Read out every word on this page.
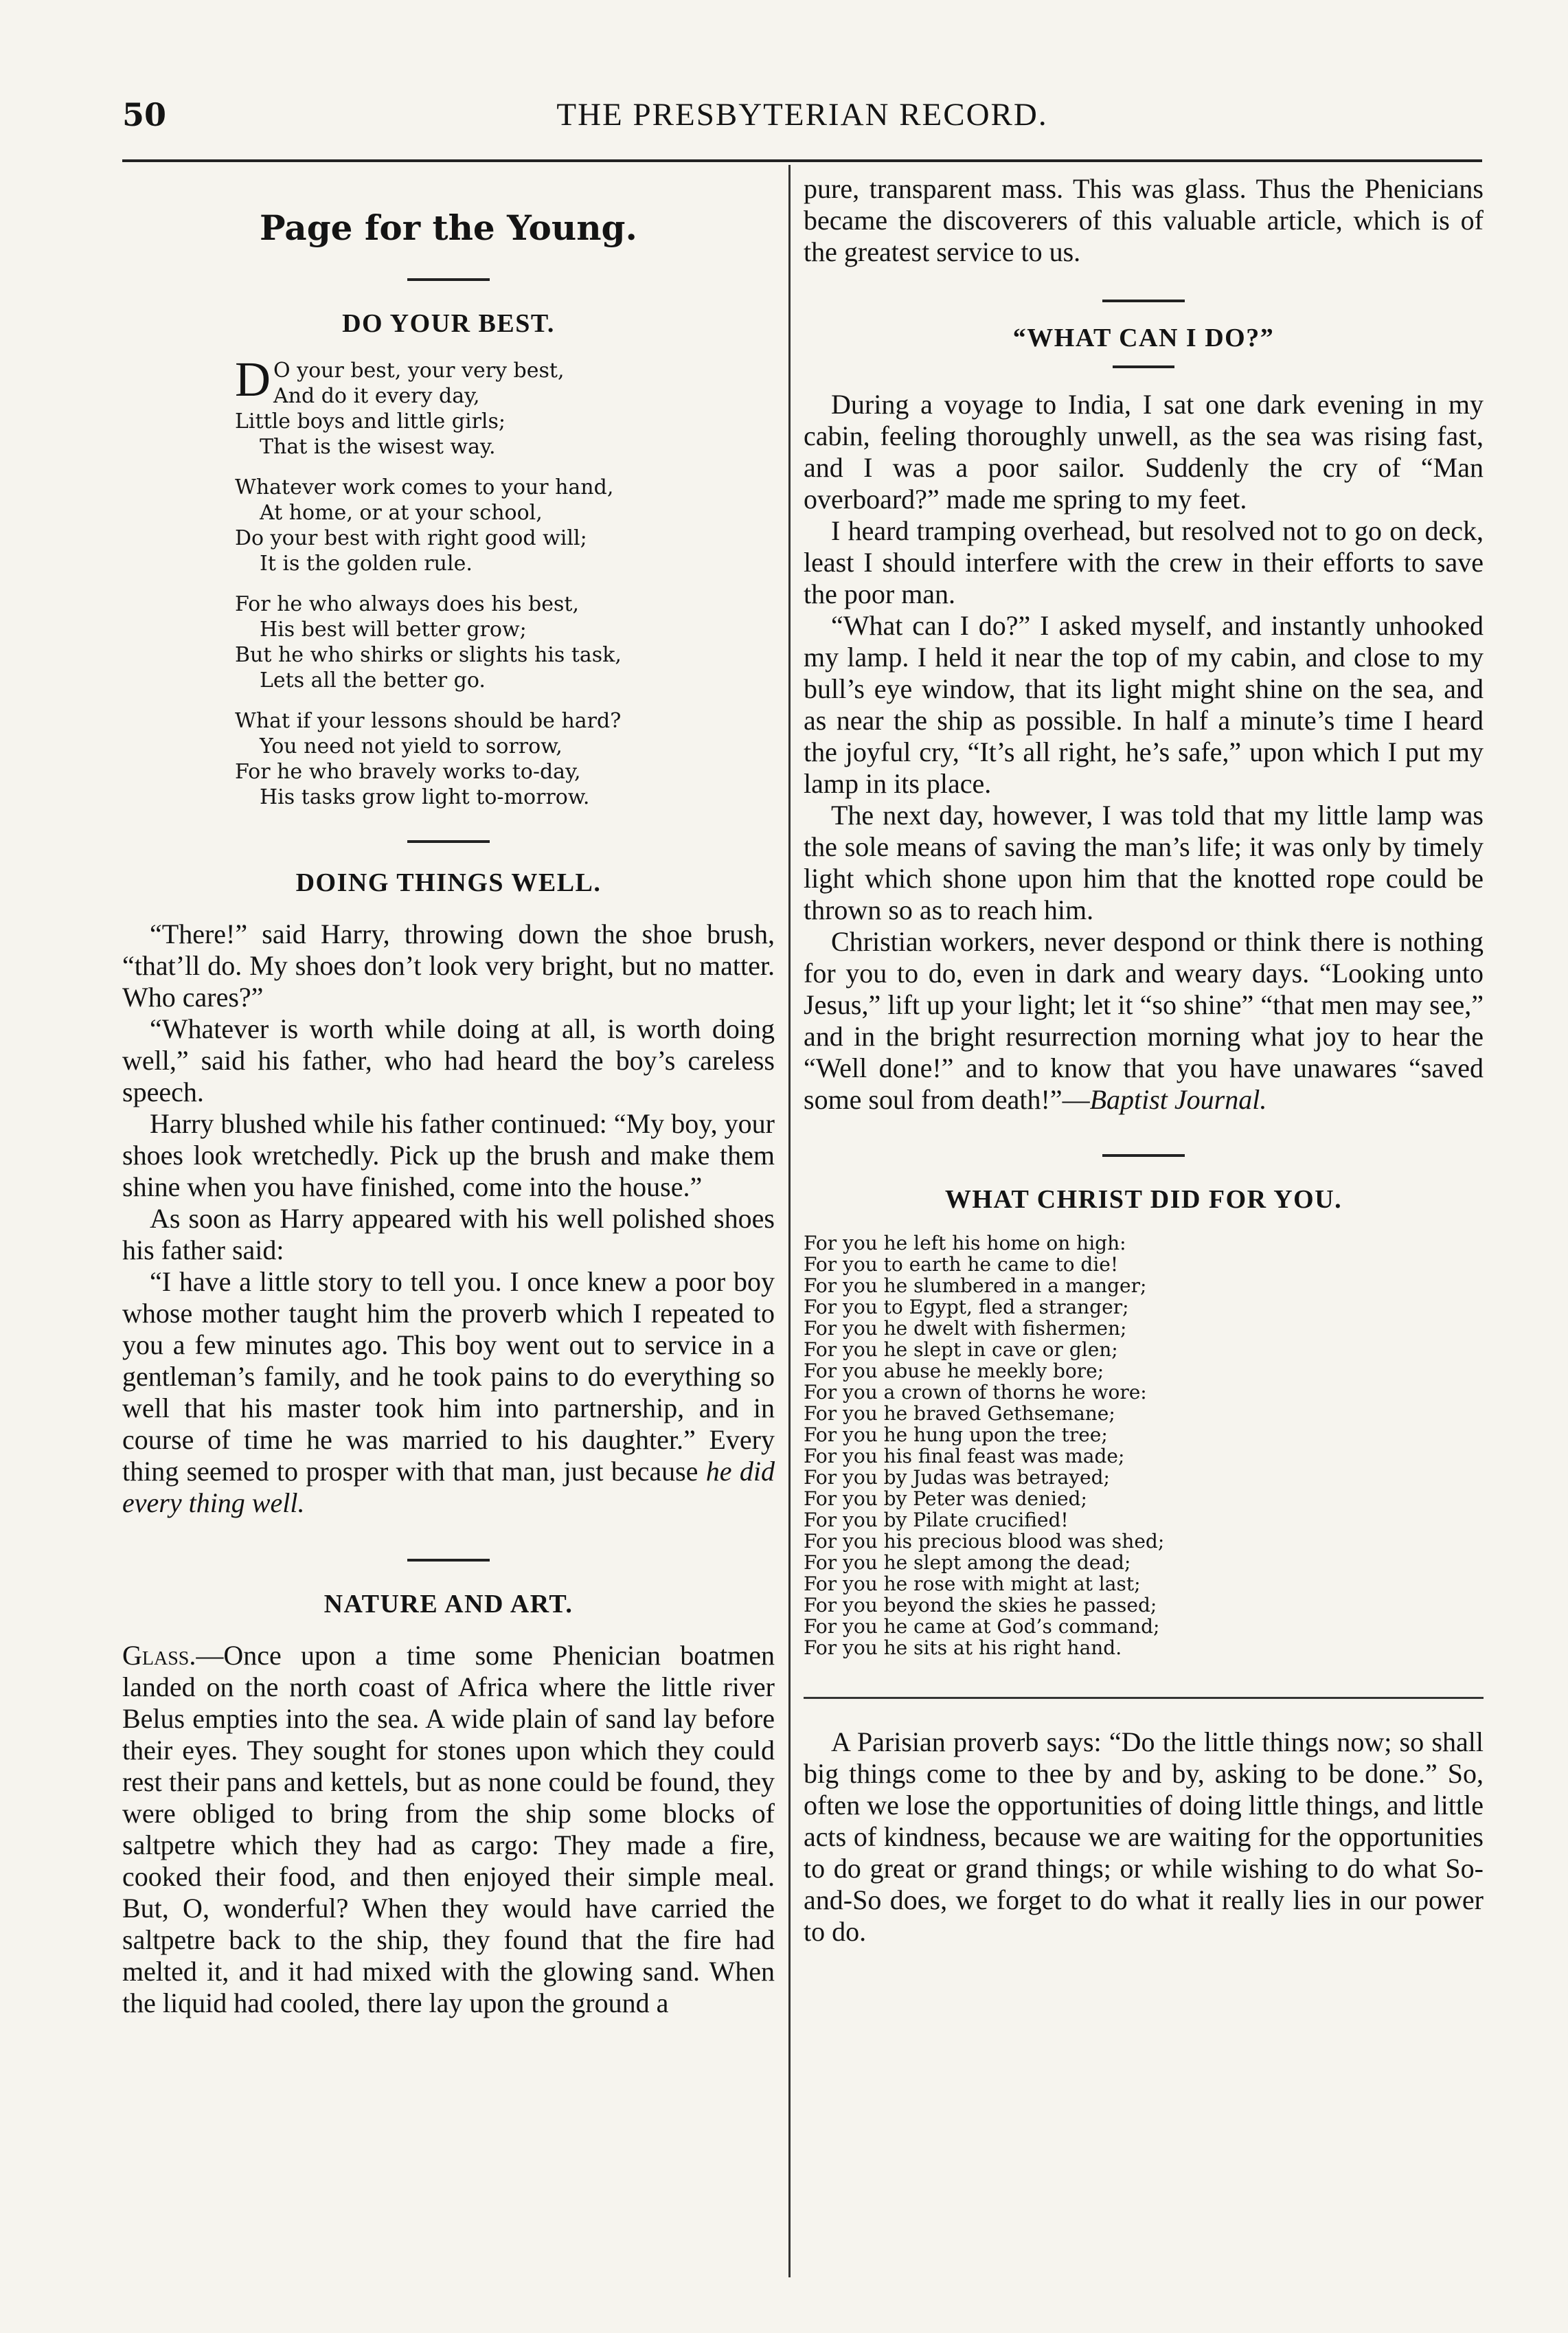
50	THE PRESBYTERIAN RECORD.
Page for the Young.
DO YOUR BEST.
D O your best, your very best,
And do it every day,
Little boys and little girls;
That is the wisest way.
Whatever work comes to your hand,
At home, or at your school,
Do your best with right good will;
It is the golden rule.
For he who always does his best,
His best will better grow;
But he who shirks or slights his task,
Lets all the better go.
What if your lessons should be hard?
You need not yield to sorrow,
For he who bravely works to-day,
His tasks grow light to-morrow.
DOING THINGS WELL.

“There!” said Harry, throwing down the shoe brush, “that’ll do. My shoes don’t look very bright, but no matter. Who cares?”

“Whatever is worth while doing at all, is worth doing well,” said his father, who had heard the boy’s careless speech.

Harry blushed while his father continued: “My boy, your shoes look wretchedly. Pick up the brush and make them shine when you have finished, come into the house.”

As soon as Harry appeared with his well polished shoes his father said:

“I have a little story to tell you. I once knew a poor boy whose mother taught him the proverb which I repeated to you a few minutes ago. This boy went out to service in a gentleman’s family, and he took pains to do everything so well that his master took him into partnership, and in course of time he was married to his daughter.” Every thing seemed to prosper with that man, just because he did every thing well.

NATURE AND ART.

Glass.—Once upon a time some Phenician boatmen landed on the north coast of Africa where the little river Belus empties into the sea. A wide plain of sand lay before their eyes. They sought for stones upon which they could rest their pans and kettels, but as none could be found, they were obliged to bring from the ship some blocks of saltpetre which they had as cargo: They made a fire, cooked their food, and then enjoyed their simple meal. But, O, wonderful? When they would have carried the saltpetre back to the ship, they found that the fire had melted it, and it had mixed with the glowing sand. When the liquid had cooled, there lay upon the ground a

pure, transparent mass. This was glass. Thus the Phenicians became the discoverers of this valuable article, which is of the greatest service to us.

“WHAT CAN I DO?”

During a voyage to India, I sat one dark evening in my cabin, feeling thoroughly unwell, as the sea was rising fast, and I was a poor sailor. Suddenly the cry of “Man overboard?” made me spring to my feet.

I heard tramping overhead, but resolved not to go on deck, least I should interfere with the crew in their efforts to save the poor man.

“What can I do?” I asked myself, and instantly unhooked my lamp. I held it near the top of my cabin, and close to my bull’s eye window, that its light might shine on the sea, and as near the ship as possible. In half a minute’s time I heard the joyful cry, “It’s all right, he’s safe,” upon which I put my lamp in its place.

The next day, however, I was told that my little lamp was the sole means of saving the man’s life; it was only by timely light which shone upon him that the knotted rope could be thrown so as to reach him.

Christian workers, never despond or think there is nothing for you to do, even in dark and weary days. “Looking unto Jesus,” lift up your light; let it “so shine” “that men may see,” and in the bright resurrection morning what joy to hear the “Well done!” and to know that you have unawares “saved some soul from death!”—Baptist Journal.

WHAT CHRIST DID FOR YOU.
For you he left his home on high:
For you to earth he came to die!
For you he slumbered in a manger;
For you to Egypt, fled a stranger;
For you he dwelt with fishermen;
For you he slept in cave or glen;
For you abuse he meekly bore;
For you a crown of thorns he wore:
For you he braved Gethsemane;
For you he hung upon the tree;
For you his final feast was made;
For you by Judas was betrayed;
For you by Peter was denied;
For you by Pilate crucified!
For you his precious blood was shed;
For you he slept among the dead;
For you he rose with might at last;
For you beyond the skies he passed;
For you he came at God’s command;
For you he sits at his right hand.

A Parisian proverb says: “Do the little things now; so shall big things come to thee by and by, asking to be done.” So, often we lose the opportunities of doing little things, and little acts of kindness, because we are waiting for the opportunities to do great or grand things; or while wishing to do what So-and-So does, we forget to do what it really lies in our power to do.
